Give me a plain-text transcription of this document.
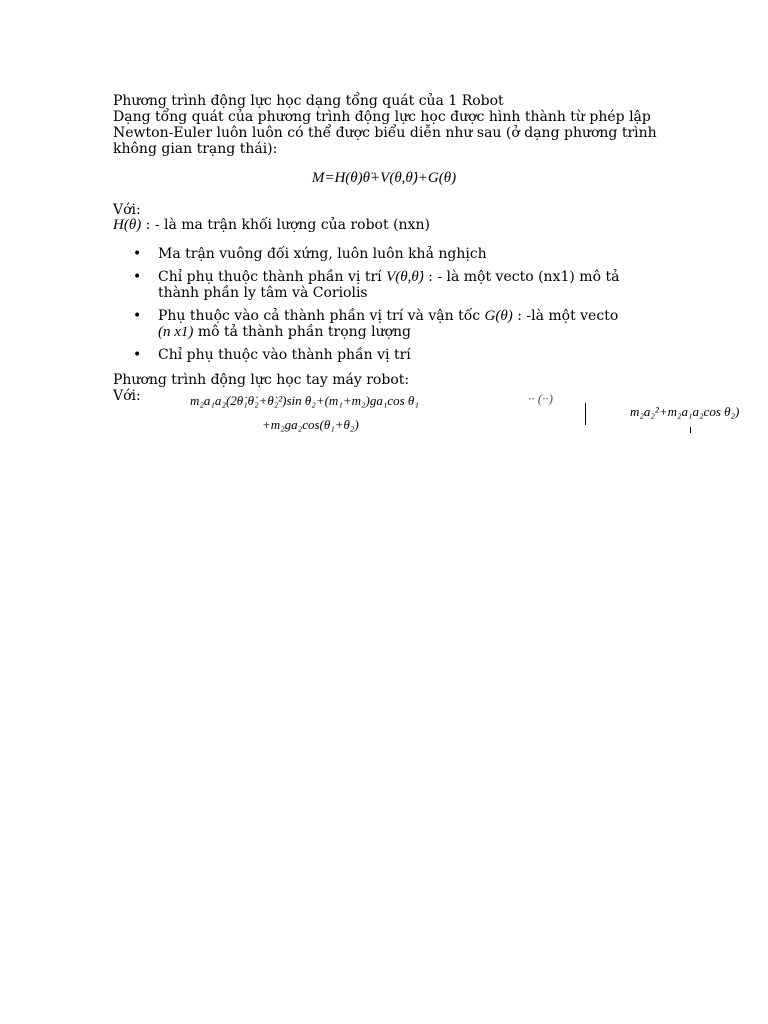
Phương trình động lực học dạng tổng quát của 1 Robot
Dạng tổng quát của phương trình động lực học được hình thành từ phép lập
Newton-Euler luôn luôn có thể được biểu diễn như sau (ở dạng phương trình
không gian trạng thái):
M=H(θ)θ̈+V(θ,θ̇)+G(θ)
Với:
H(θ) : - là ma trận khối lượng của robot (nxn)
• Ma trận vuông đối xứng, luôn luôn khả nghịch
• Chỉ phụ thuộc thành phần vị trí V(θ,θ̇) : - là một vecto (nx1) mô tả
thành phần ly tâm và Coriolis
• Phụ thuộc vào cả thành phần vị trí và vận tốc G(θ) : -là một vecto
(n x1) mô tả thành phần trọng lượng
• Chỉ phụ thuộc vào thành phần vị trí
Phương trình động lực học tay máy robot:
Với:	m₂a₁a₂(2θ̇₁θ̇₂+θ̇₂²)sin θ₂+(m₁+m₂)ga₁cos θ₁	·· (··)
+m₂ga₂cos(θ₁+θ₂)
m₂a₂²+m₂a₁a₂cos θ₂)
